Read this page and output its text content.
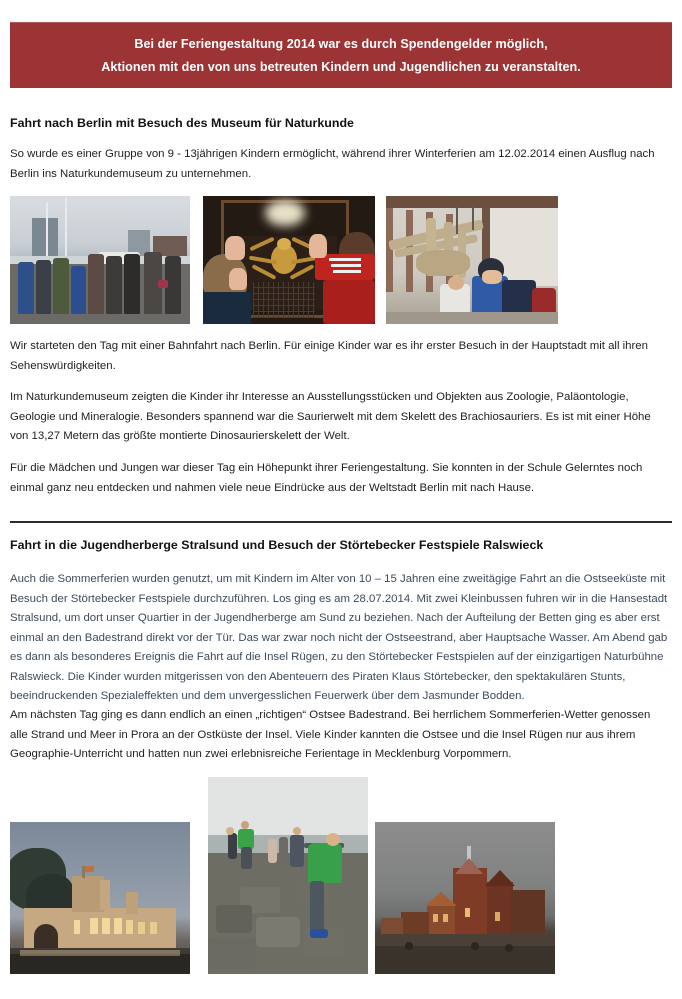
Bei der Feriengestaltung 2014 war es durch Spendengelder möglich,
Aktionen mit den von uns betreuten Kindern und Jugendlichen zu veranstalten.
Fahrt nach Berlin mit Besuch des Museum für Naturkunde

So wurde es einer Gruppe von 9 - 13jährigen Kindern ermöglicht, während ihrer Winterferien am 12.02.2014 einen Ausflug nach Berlin ins Naturkundemuseum zu unternehmen.

Wir starteten den Tag mit einer Bahnfahrt nach Berlin. Für einige Kinder war es ihr erster Besuch in der Hauptstadt mit all ihren Sehenswürdigkeiten.

Im Naturkundemuseum zeigten die Kinder ihr Interesse an Ausstellungsstücken und Objekten aus Zoologie, Paläontologie, Geologie und Mineralogie. Besonders spannend war die Saurierwelt mit dem Skelett des Brachiosauriers. Es ist mit einer Höhe von 13,27 Metern das größte montierte Dinosaurierskelett der Welt.

Für die Mädchen und Jungen war dieser Tag ein Höhepunkt ihrer Feriengestaltung. Sie konnten in der Schule Gelerntes noch einmal ganz neu entdecken und nahmen viele neue Eindrücke aus der Weltstadt Berlin mit nach Hause.

Fahrt in die Jugendherberge Stralsund und Besuch der Störtebecker Festspiele Ralswieck

Auch die Sommerferien wurden genutzt, um mit Kindern im Alter von 10 – 15 Jahren eine zweitägige Fahrt an die Ostseeküste mit Besuch der Störtebecker Festspiele durchzuführen. Los ging es am 28.07.2014. Mit zwei Kleinbussen fuhren wir in die Hansestadt Stralsund, um dort unser Quartier in der Jugendherberge am Sund zu beziehen. Nach der Aufteilung der Betten ging es aber erst einmal an den Badestrand direkt vor der Tür. Das war zwar noch nicht der Ostseestrand, aber Hauptsache Wasser. Am Abend gab es dann als besonderes Ereignis die Fahrt auf die Insel Rügen, zu den Störtebecker Festspielen auf der einzigartigen Naturbühne Ralswieck. Die Kinder wurden mitgerissen von den Abenteuern des Piraten Klaus Störtebecker, den spektakulären Stunts, beeindruckenden Spezialeffekten und dem unvergesslichen Feuerwerk über dem Jasmunder Bodden.

Am nächsten Tag ging es dann endlich an einen „richtigen“ Ostsee Badestrand. Bei herrlichem Sommerferien-Wetter genossen alle Strand und Meer in Prora an der Ostküste der Insel. Viele Kinder kannten die Ostsee und die Insel Rügen nur aus ihrem Geographie-Unterricht und hatten nun zwei erlebnisreiche Ferientage in Mecklenburg Vorpommern.
